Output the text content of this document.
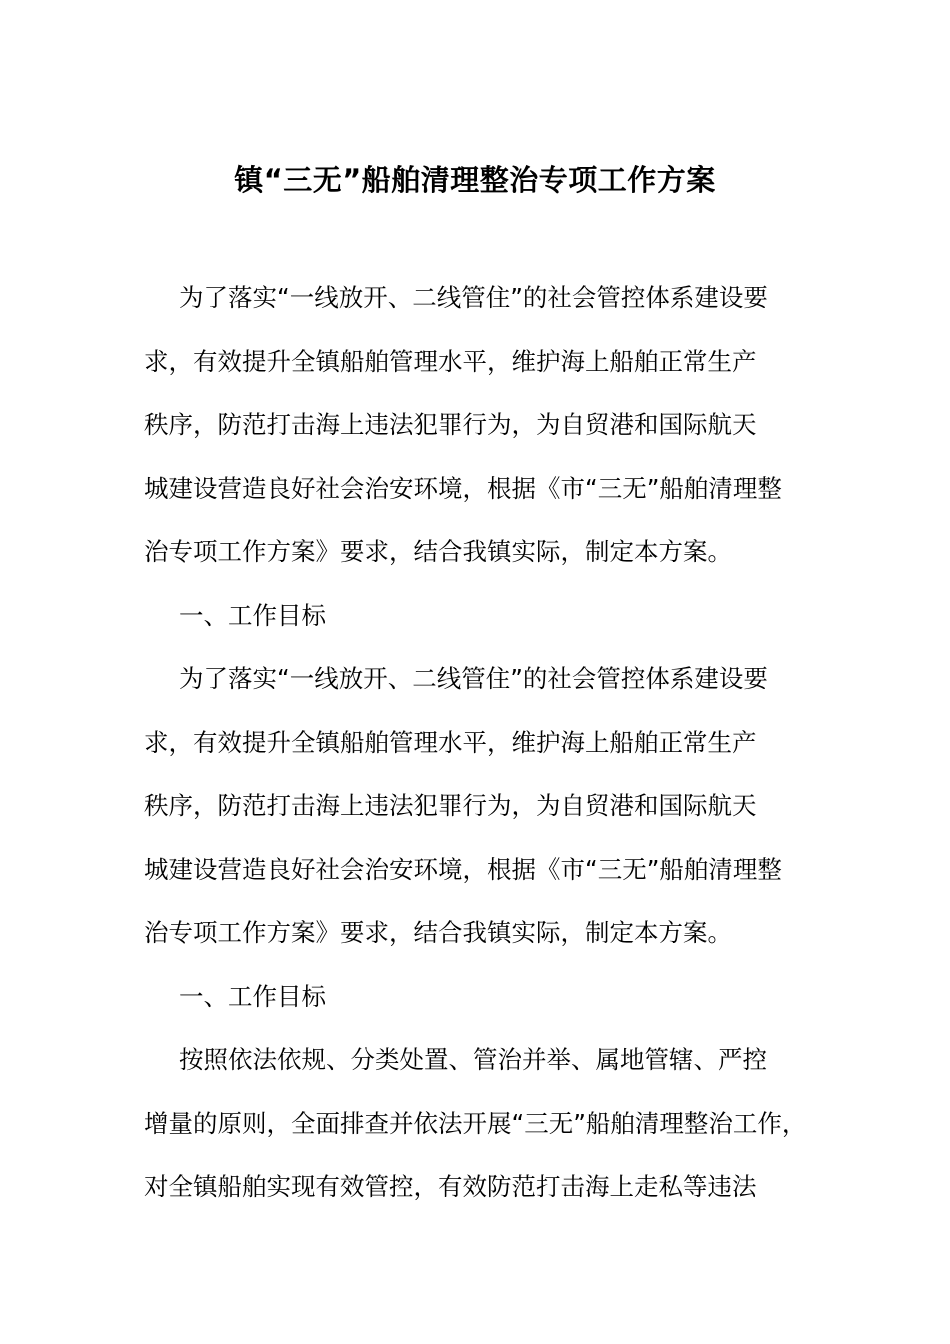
镇“三无”船舶清理整治专项工作方案
为了落实“一线放开、二线管住”的社会管控体系建设要
求，有效提升全镇船舶管理水平，维护海上船舶正常生产
秩序，防范打击海上违法犯罪行为，为自贸港和国际航天
城建设营造良好社会治安环境，根据《市“三无”船舶清理整
治专项工作方案》要求，结合我镇实际，制定本方案。
一、工作目标
为了落实“一线放开、二线管住”的社会管控体系建设要
求，有效提升全镇船舶管理水平，维护海上船舶正常生产
秩序，防范打击海上违法犯罪行为，为自贸港和国际航天
城建设营造良好社会治安环境，根据《市“三无”船舶清理整
治专项工作方案》要求，结合我镇实际，制定本方案。
一、工作目标
按照依法依规、分类处置、管治并举、属地管辖、严控
增量的原则，全面排查并依法开展“三无”船舶清理整治工作，
对全镇船舶实现有效管控，有效防范打击海上走私等违法
